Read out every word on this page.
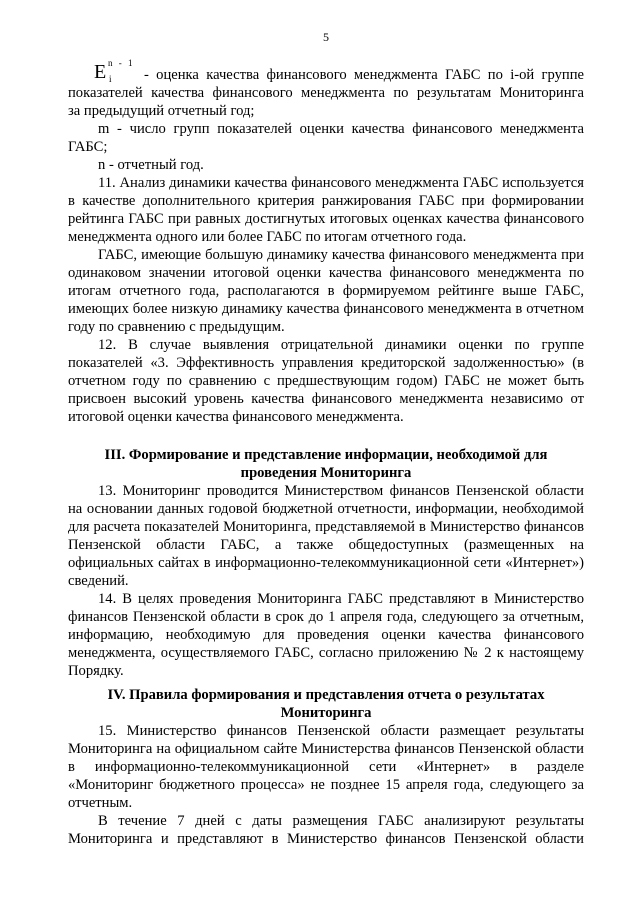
5
E n - 1
i	- оценка качества финансового менеджмента ГАБС по i-ой группе

показателей качества финансового менеджмента по результатам Мониторинга

за предыдущий отчетный год;

m - число групп показателей оценки качества финансового менеджмента ГАБС;

n - отчетный год.

11. Анализ динамики качества финансового менеджмента ГАБС используется в качестве дополнительного критерия ранжирования ГАБС при формировании рейтинга ГАБС при равных достигнутых итоговых оценках качества финансового менеджмента одного или более ГАБС по итогам отчетного года.

ГАБС, имеющие большую динамику качества финансового менеджмента при одинаковом значении итоговой оценки качества финансового менеджмента по итогам отчетного года, располагаются в формируемом рейтинге выше ГАБС, имеющих более низкую динамику качества финансового менеджмента в отчетном году по сравнению с предыдущим.

12. В случае выявления отрицательной динамики оценки по группе показателей «3. Эффективность управления кредиторской задолженностью» (в отчетном году по сравнению с предшествующим годом) ГАБС не может быть присвоен высокий уровень качества финансового менеджмента независимо от итоговой оценки качества финансового менеджмента.

III. Формирование и представление информации, необходимой для

проведения Мониторинга

13. Мониторинг проводится Министерством финансов Пензенской области на основании данных годовой бюджетной отчетности, информации, необходимой для расчета показателей Мониторинга, представляемой в Министерство финансов Пензенской области ГАБС, а также общедоступных (размещенных на официальных сайтах в информационно-телекоммуникационной сети «Интернет») сведений.

14. В целях проведения Мониторинга ГАБС представляют в Министерство финансов Пензенской области в срок до 1 апреля года, следующего за отчетным, информацию, необходимую для проведения оценки качества финансового менеджмента, осуществляемого ГАБС, согласно приложению № 2 к настоящему Порядку.

IV. Правила формирования и представления отчета о результатах

Мониторинга

15. Министерство финансов Пензенской области размещает результаты Мониторинга на официальном сайте Министерства финансов Пензенской области в информационно-телекоммуникационной сети «Интернет» в разделе «Мониторинг бюджетного процесса» не позднее 15 апреля года, следующего за отчетным.

В течение 7 дней с даты размещения ГАБС анализируют результаты Мониторинга и представляют в Министерство финансов Пензенской области
